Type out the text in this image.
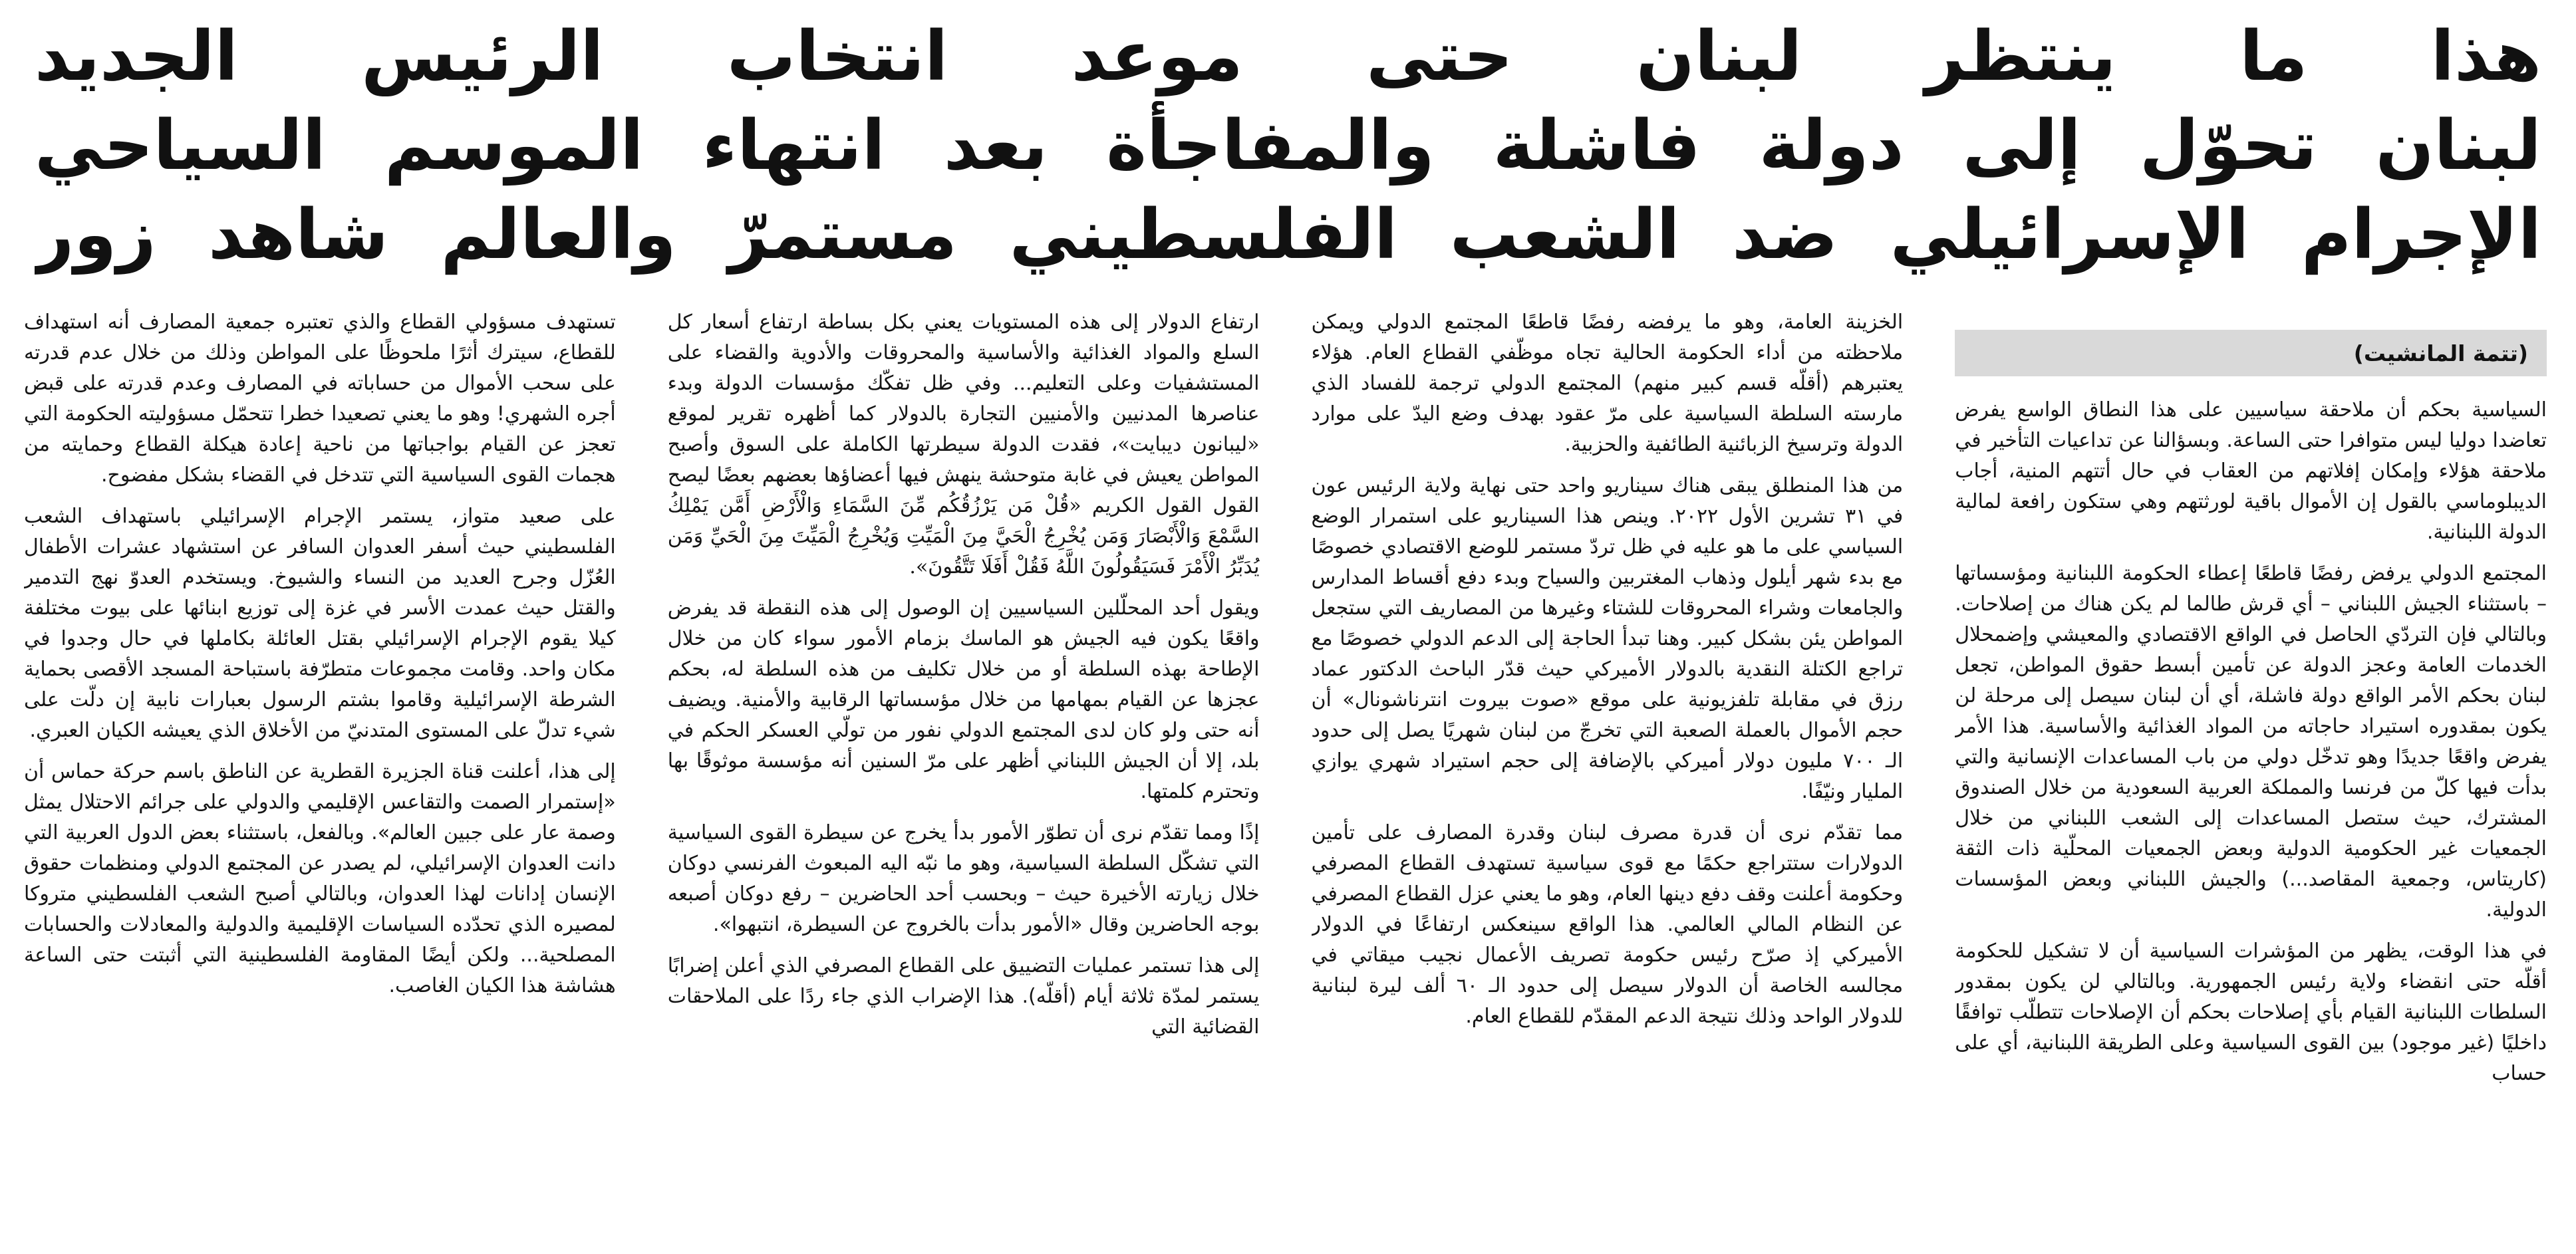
هذا ما ينتظر لبنان حتى موعد انتخاب الرئيس الجديد
لبنان تحوّل إلى دولة فاشلة والمفاجأة بعد انتهاء الموسم السياحي
الإجرام الإسرائيلي ضد الشعب الفلسطيني مستمرّ والعالم شاهد زور
(تتمة المانشيت)

السياسية بحكم أن ملاحقة سياسيين على هذا النطاق الواسع يفرض تعاضدا دوليا ليس متوافرا حتى الساعة. وبسؤالنا عن تداعيات التأخير في ملاحقة هؤلاء وإمكان إفلاتهم من العقاب في حال أتتهم المنية، أجاب الديبلوماسي بالقول إن الأموال باقية لورثتهم وهي ستكون رافعة لمالية الدولة اللبنانية.

المجتمع الدولي يرفض رفضًا قاطعًا إعطاء الحكومة اللبنانية ومؤسساتها – باستثناء الجيش اللبناني – أي قرش طالما لم يكن هناك من إصلاحات. وبالتالي فإن التردّي الحاصل في الواقع الاقتصادي والمعيشي وإضمحلال الخدمات العامة وعجز الدولة عن تأمين أبسط حقوق المواطن، تجعل لبنان بحكم الأمر الواقع دولة فاشلة، أي أن لبنان سيصل إلى مرحلة لن يكون بمقدوره استيراد حاجاته من المواد الغذائية والأساسية. هذا الأمر يفرض واقعًا جديدًا وهو تدخّل دولي من باب المساعدات الإنسانية والتي بدأت فيها كلّ من فرنسا والمملكة العربية السعودية من خلال الصندوق المشترك، حيث ستصل المساعدات إلى الشعب اللبناني من خلال الجمعيات غير الحكومية الدولية وبعض الجمعيات المحلّية ذات الثقة (كاريتاس، وجمعية المقاصد...) والجيش اللبناني وبعض المؤسسات الدولية.

في هذا الوقت، يظهر من المؤشرات السياسية أن لا تشكيل للحكومة أقلّه حتى انقضاء ولاية رئيس الجمهورية. وبالتالي لن يكون بمقدور السلطات اللبنانية القيام بأي إصلاحات بحكم أن الإصلاحات تتطلّب توافقًا داخليًا (غير موجود) بين القوى السياسية وعلى الطريقة اللبنانية، أي على حساب

الخزينة العامة، وهو ما يرفضه رفضًا قاطعًا المجتمع الدولي ويمكن ملاحظته من أداء الحكومة الحالية تجاه موظّفي القطاع العام. هؤلاء يعتبرهم (أقلّه قسم كبير منهم) المجتمع الدولي ترجمة للفساد الذي مارسته السلطة السياسية على مرّ عقود بهدف وضع اليدّ على موارد الدولة وترسيخ الزبائنية الطائفية والحزبية.

من هذا المنطلق يبقى هناك سيناريو واحد حتى نهاية ولاية الرئيس عون في ٣١ تشرين الأول ٢٠٢٢. وينص هذا السيناريو على استمرار الوضع السياسي على ما هو عليه في ظل تردّ مستمر للوضع الاقتصادي خصوصًا مع بدء شهر أيلول وذهاب المغتربين والسياح وبدء دفع أقساط المدارس والجامعات وشراء المحروقات للشتاء وغيرها من المصاريف التي ستجعل المواطن يئن بشكل كبير. وهنا تبدأ الحاجة إلى الدعم الدولي خصوصًا مع تراجع الكتلة النقدية بالدولار الأميركي حيث قدّر الباحث الدكتور عماد رزق في مقابلة تلفزيونية على موقع «صوت بيروت انترناشونال» أن حجم الأموال بالعملة الصعبة التي تخرجّ من لبنان شهريًا يصل إلى حدود الـ ٧٠٠ مليون دولار أميركي بالإضافة إلى حجم استيراد شهري يوازي المليار ونيّفًا.

مما تقدّم نرى أن قدرة مصرف لبنان وقدرة المصارف على تأمين الدولارات ستتراجع حكمًا مع قوى سياسية تستهدف القطاع المصرفي وحكومة أعلنت وقف دفع دينها العام، وهو ما يعني عزل القطاع المصرفي عن النظام المالي العالمي. هذا الواقع سينعكس ارتفاعًا في الدولار الأميركي إذ صرّح رئيس حكومة تصريف الأعمال نجيب ميقاتي في مجالسه الخاصة أن الدولار سيصل إلى حدود الـ ٦٠ ألف ليرة لبنانية للدولار الواحد وذلك نتيجة الدعم المقدّم للقطاع العام.

ارتفاع الدولار إلى هذه المستويات يعني بكل بساطة ارتفاع أسعار كل السلع والمواد الغذائية والأساسية والمحروقات والأدوية والقضاء على المستشفيات وعلى التعليم... وفي ظل تفكّك مؤسسات الدولة وبدء عناصرها المدنيين والأمنيين التجارة بالدولار كما أظهره تقرير لموقع «ليبانون ديبايت»، فقدت الدولة سيطرتها الكاملة على السوق وأصبح المواطن يعيش في غابة متوحشة ينهش فيها أعضاؤها بعضهم بعضًا ليصح القول القول الكريم «قُلْ مَن يَرْزُقُكُم مِّنَ السَّمَاءِ وَالْأَرْضِ أَمَّن يَمْلِكُ السَّمْعَ وَالْأَبْصَارَ وَمَن يُخْرِجُ الْحَيَّ مِنَ الْمَيِّتِ وَيُخْرِجُ الْمَيِّتَ مِنَ الْحَيِّ وَمَن يُدَبِّرُ الْأَمْرَ فَسَيَقُولُونَ اللَّهُ فَقُلْ أَفَلَا تَتَّقُونَ».

ويقول أحد المحلّلين السياسيين إن الوصول إلى هذه النقطة قد يفرض واقعًا يكون فيه الجيش هو الماسك بزمام الأمور سواء كان من خلال الإطاحة بهذه السلطة أو من خلال تكليف من هذه السلطة له، بحكم عجزها عن القيام بمهامها من خلال مؤسساتها الرقابية والأمنية. ويضيف أنه حتى ولو كان لدى المجتمع الدولي نفور من تولّي العسكر الحكم في بلد، إلا أن الجيش اللبناني أظهر على مرّ السنين أنه مؤسسة موثوقًا بها وتحترم كلمتها.

إذًا ومما تقدّم نرى أن تطوّر الأمور بدأ يخرج عن سيطرة القوى السياسية التي تشكّل السلطة السياسية، وهو ما نبّه اليه المبعوث الفرنسي دوكان خلال زيارته الأخيرة حيث – وبحسب أحد الحاضرين – رفع دوكان أصبعه بوجه الحاضرين وقال «الأمور بدأت بالخروج عن السيطرة، انتبهوا».

إلى هذا تستمر عمليات التضييق على القطاع المصرفي الذي أعلن إضرابًا يستمر لمدّة ثلاثة أيام (أقلّه). هذا الإضراب الذي جاء ردًا على الملاحقات القضائية التي

تستهدف مسؤولي القطاع والذي تعتبره جمعية المصارف أنه استهداف للقطاع، سيترك أثرًا ملحوظًا على المواطن وذلك من خلال عدم قدرته على سحب الأموال من حساباته في المصارف وعدم قدرته على قبض أجره الشهري! وهو ما يعني تصعيدا خطرا تتحمّل مسؤوليته الحكومة التي تعجز عن القيام بواجباتها من ناحية إعادة هيكلة القطاع وحمايته من هجمات القوى السياسية التي تتدخل في القضاء بشكل مفضوح.

على صعيد متواز، يستمر الإجرام الإسرائيلي باستهداف الشعب الفلسطيني حيث أسفر العدوان السافر عن استشهاد عشرات الأطفال العُزّل وجرح العديد من النساء والشيوخ. ويستخدم العدوّ نهج التدمير والقتل حيث عمدت الأسر في غزة إلى توزيع ابنائها على بيوت مختلفة كيلا يقوم الإجرام الإسرائيلي بقتل العائلة بكاملها في حال وجدوا في مكان واحد. وقامت مجموعات متطرّفة باستباحة المسجد الأقصى بحماية الشرطة الإسرائيلية وقاموا بشتم الرسول بعبارات نابية إن دلّت على شيء تدلّ على المستوى المتدنيّ من الأخلاق الذي يعيشه الكيان العبري.

إلى هذا، أعلنت قناة الجزيرة القطرية عن الناطق باسم حركة حماس أن «إستمرار الصمت والتقاعس الإقليمي والدولي على جرائم الاحتلال يمثل وصمة عار على جبين العالم». وبالفعل، باستثناء بعض الدول العربية التي دانت العدوان الإسرائيلي، لم يصدر عن المجتمع الدولي ومنظمات حقوق الإنسان إدانات لهذا العدوان، وبالتالي أصبح الشعب الفلسطيني متروكا لمصيره الذي تحدّده السياسات الإقليمية والدولية والمعادلات والحسابات المصلحية... ولكن أيضًا المقاومة الفلسطينية التي أثبتت حتى الساعة هشاشة هذا الكيان الغاصب.
